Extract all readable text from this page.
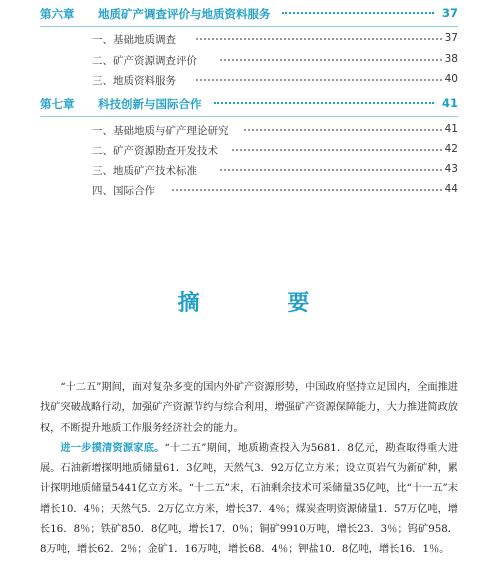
第六章 地质矿产调查评价与地质资料服务	37
一、基础地质调查	37
二、矿产资源调查评价	38
三、地质资料服务	40
第七章 科技创新与国际合作	41
一、基础地质与矿产理论研究	41
二、矿产资源勘查开发技术	42
三、地质矿产技术标准	43
四、国际合作	44
摘 要

“十二五”期间，面对复杂多变的国内外矿产资源形势，中国政府坚持立足国内，全面推进找矿突破战略行动，加强矿产资源节约与综合利用，增强矿产资源保障能力，大力推进简政放权，不断提升地质工作服务经济社会的能力。

进一步摸清资源家底。“十二五”期间，地质勘查投入为5681．8亿元，勘查取得重大进展。石油新增探明地质储量61．3亿吨，天然气3．92万亿立方米；设立页岩气为新矿种，累计探明地质储量5441亿立方米。“十二五”末，石油剩余技术可采储量35亿吨，比“十一五”末增长10．4％；天然气5．2万亿立方米，增长37．4％；煤炭查明资源储量1．57万亿吨，增长16．8％；铁矿850．8亿吨，增长17．0％；铜矿9910万吨，增长23．3％；钨矿958．8万吨，增长62．2％；金矿1．16万吨，增长68．4％；钾盐10．8亿吨，增长16．1％。
